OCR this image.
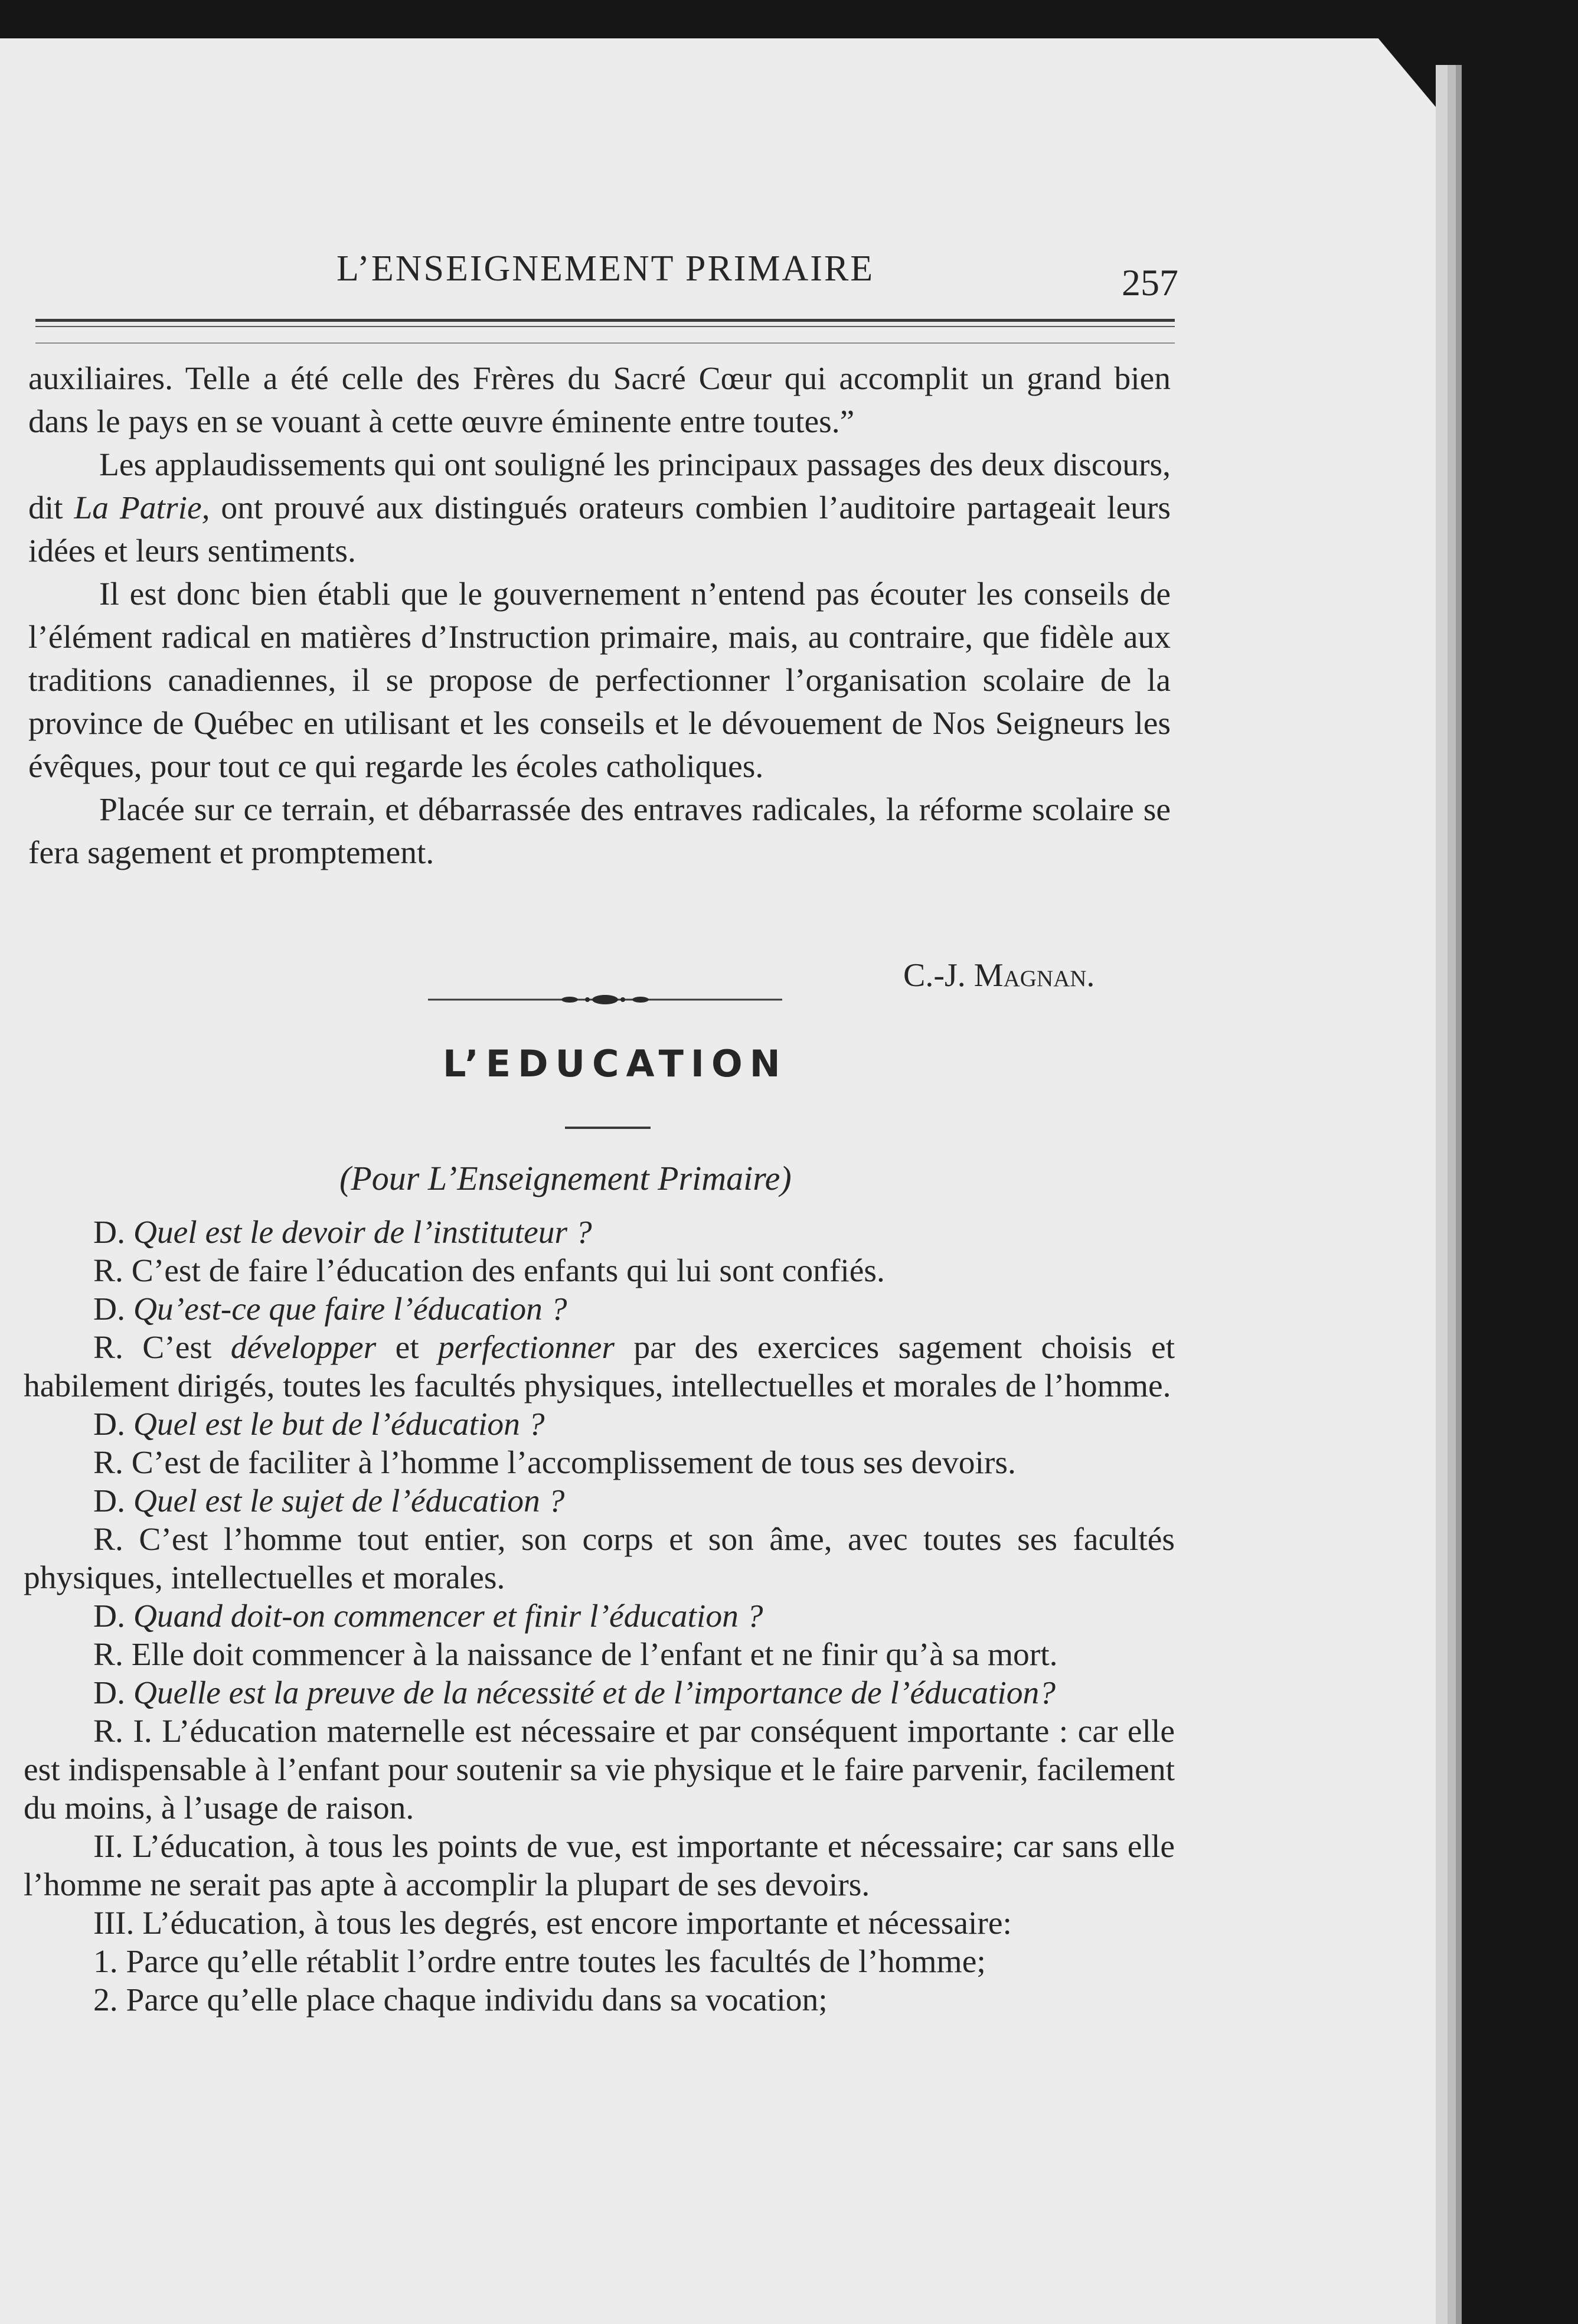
L’ENSEIGNEMENT PRIMAIRE	257

auxiliaires. Telle a été celle des Frères du Sacré Cœur qui accomplit un grand bien dans le pays en se vouant à cette œuvre éminente entre toutes.”

Les applaudissements qui ont souligné les principaux passages des deux discours, dit La Patrie, ont prouvé aux distingués orateurs combien l’auditoire partageait leurs idées et leurs sentiments.

Il est donc bien établi que le gouvernement n’entend pas écouter les conseils de l’élément radical en matières d’Instruction primaire, mais, au contraire, que fidèle aux traditions canadiennes, il se propose de perfectionner l’organisation scolaire de la province de Québec en utilisant et les conseils et le dévouement de Nos Seigneurs les évêques, pour tout ce qui regarde les écoles catholiques.

Placée sur ce terrain, et débarrassée des entraves radicales, la réforme scolaire se fera sagement et promptement.

C.-J. Magnan.
L’EDUCATION
(Pour L’Enseignement Primaire)

D. Quel est le devoir de l’instituteur ?

R. C’est de faire l’éducation des enfants qui lui sont confiés.

D. Qu’est-ce que faire l’éducation ?

R. C’est développer et perfectionner par des exercices sagement choisis et habilement dirigés, toutes les facultés physiques, intellectuelles et morales de l’homme.

D. Quel est le but de l’éducation ?

R. C’est de faciliter à l’homme l’accomplissement de tous ses devoirs.

D. Quel est le sujet de l’éducation ?

R. C’est l’homme tout entier, son corps et son âme, avec toutes ses facultés physiques, intellectuelles et morales.

D. Quand doit-on commencer et finir l’éducation ?

R. Elle doit commencer à la naissance de l’enfant et ne finir qu’à sa mort.

D. Quelle est la preuve de la nécessité et de l’importance de l’éducation?

R. I. L’éducation maternelle est nécessaire et par conséquent importante : car elle est indispensable à l’enfant pour soutenir sa vie physique et le faire parvenir, facilement du moins, à l’usage de raison.

II. L’éducation, à tous les points de vue, est importante et nécessaire; car sans elle l’homme ne serait pas apte à accomplir la plupart de ses devoirs.

III. L’éducation, à tous les degrés, est encore importante et nécessaire:

1. Parce qu’elle rétablit l’ordre entre toutes les facultés de l’homme;

2. Parce qu’elle place chaque individu dans sa vocation;
